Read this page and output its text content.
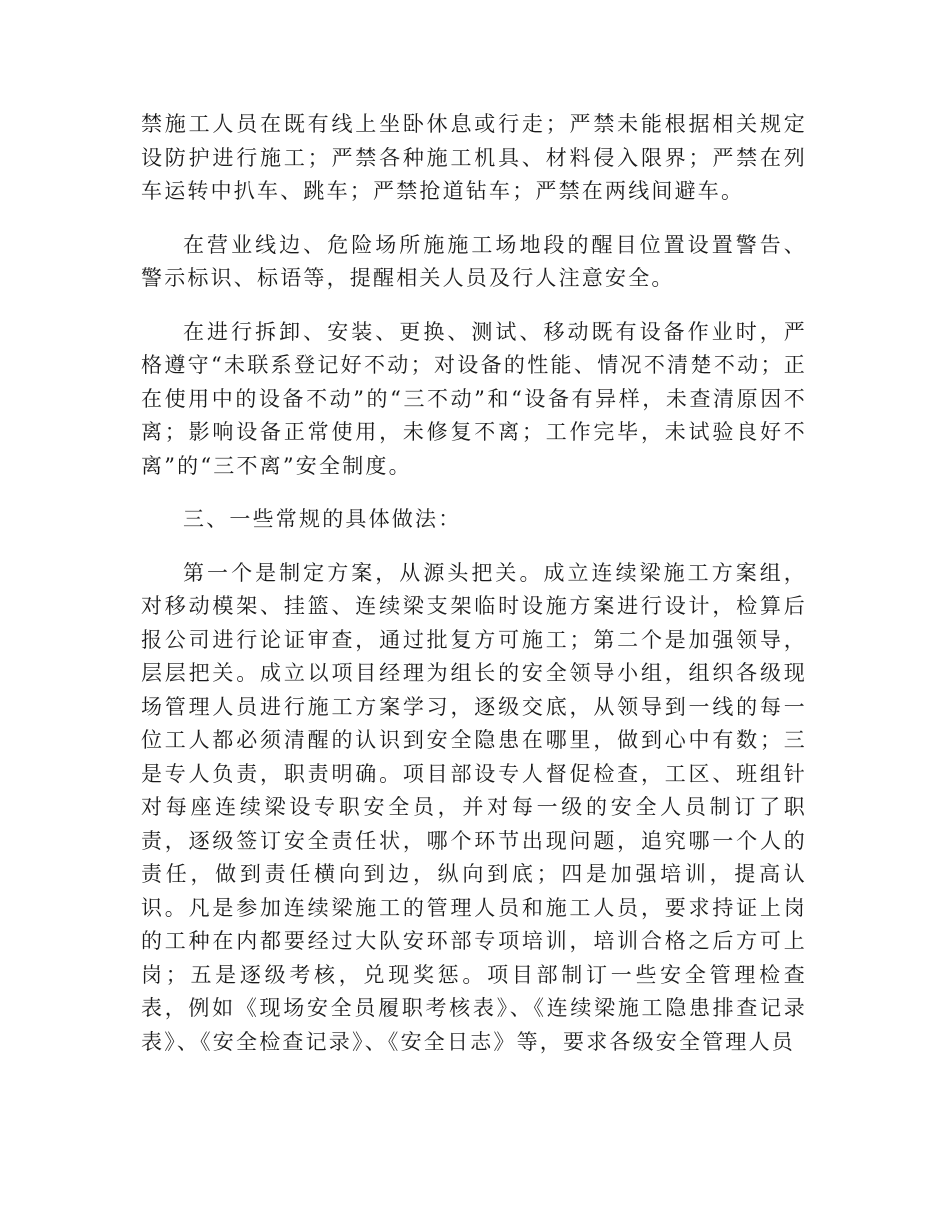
禁施工人员在既有线上坐卧休息或行走；严禁未能根据相关规定设防护进行施工；严禁各种施工机具、材料侵入限界；严禁在列车运转中扒车、跳车；严禁抢道钻车；严禁在两线间避车。

在营业线边、危险场所施施工场地段的醒目位置设置警告、警示标识、标语等，提醒相关人员及行人注意安全。

在进行拆卸、安装、更换、测试、移动既有设备作业时，严格遵守“未联系登记好不动；对设备的性能、情况不清楚不动；正在使用中的设备不动”的“三不动”和“设备有异样，未查清原因不离；影响设备正常使用，未修复不离；工作完毕，未试验良好不离”的“三不离”安全制度。

三、一些常规的具体做法：

第一个是制定方案，从源头把关。成立连续梁施工方案组，对移动模架、挂篮、连续梁支架临时设施方案进行设计，检算后报公司进行论证审查，通过批复方可施工；第二个是加强领导，层层把关。成立以项目经理为组长的安全领导小组，组织各级现场管理人员进行施工方案学习，逐级交底，从领导到一线的每一位工人都必须清醒的认识到安全隐患在哪里，做到心中有数；三是专人负责，职责明确。项目部设专人督促检查，工区、班组针对每座连续梁设专职安全员，并对每一级的安全人员制订了职责，逐级签订安全责任状，哪个环节出现问题，追究哪一个人的责任，做到责任横向到边，纵向到底；四是加强培训，提高认识。凡是参加连续梁施工的管理人员和施工人员，要求持证上岗的工种在内都要经过大队安环部专项培训，培训合格之后方可上岗；五是逐级考核，兑现奖惩。项目部制订一些安全管理检查表，例如《现场安全员履职考核表》、《连续梁施工隐患排查记录表》、《安全检查记录》、《安全日志》等，要求各级安全管理人员
